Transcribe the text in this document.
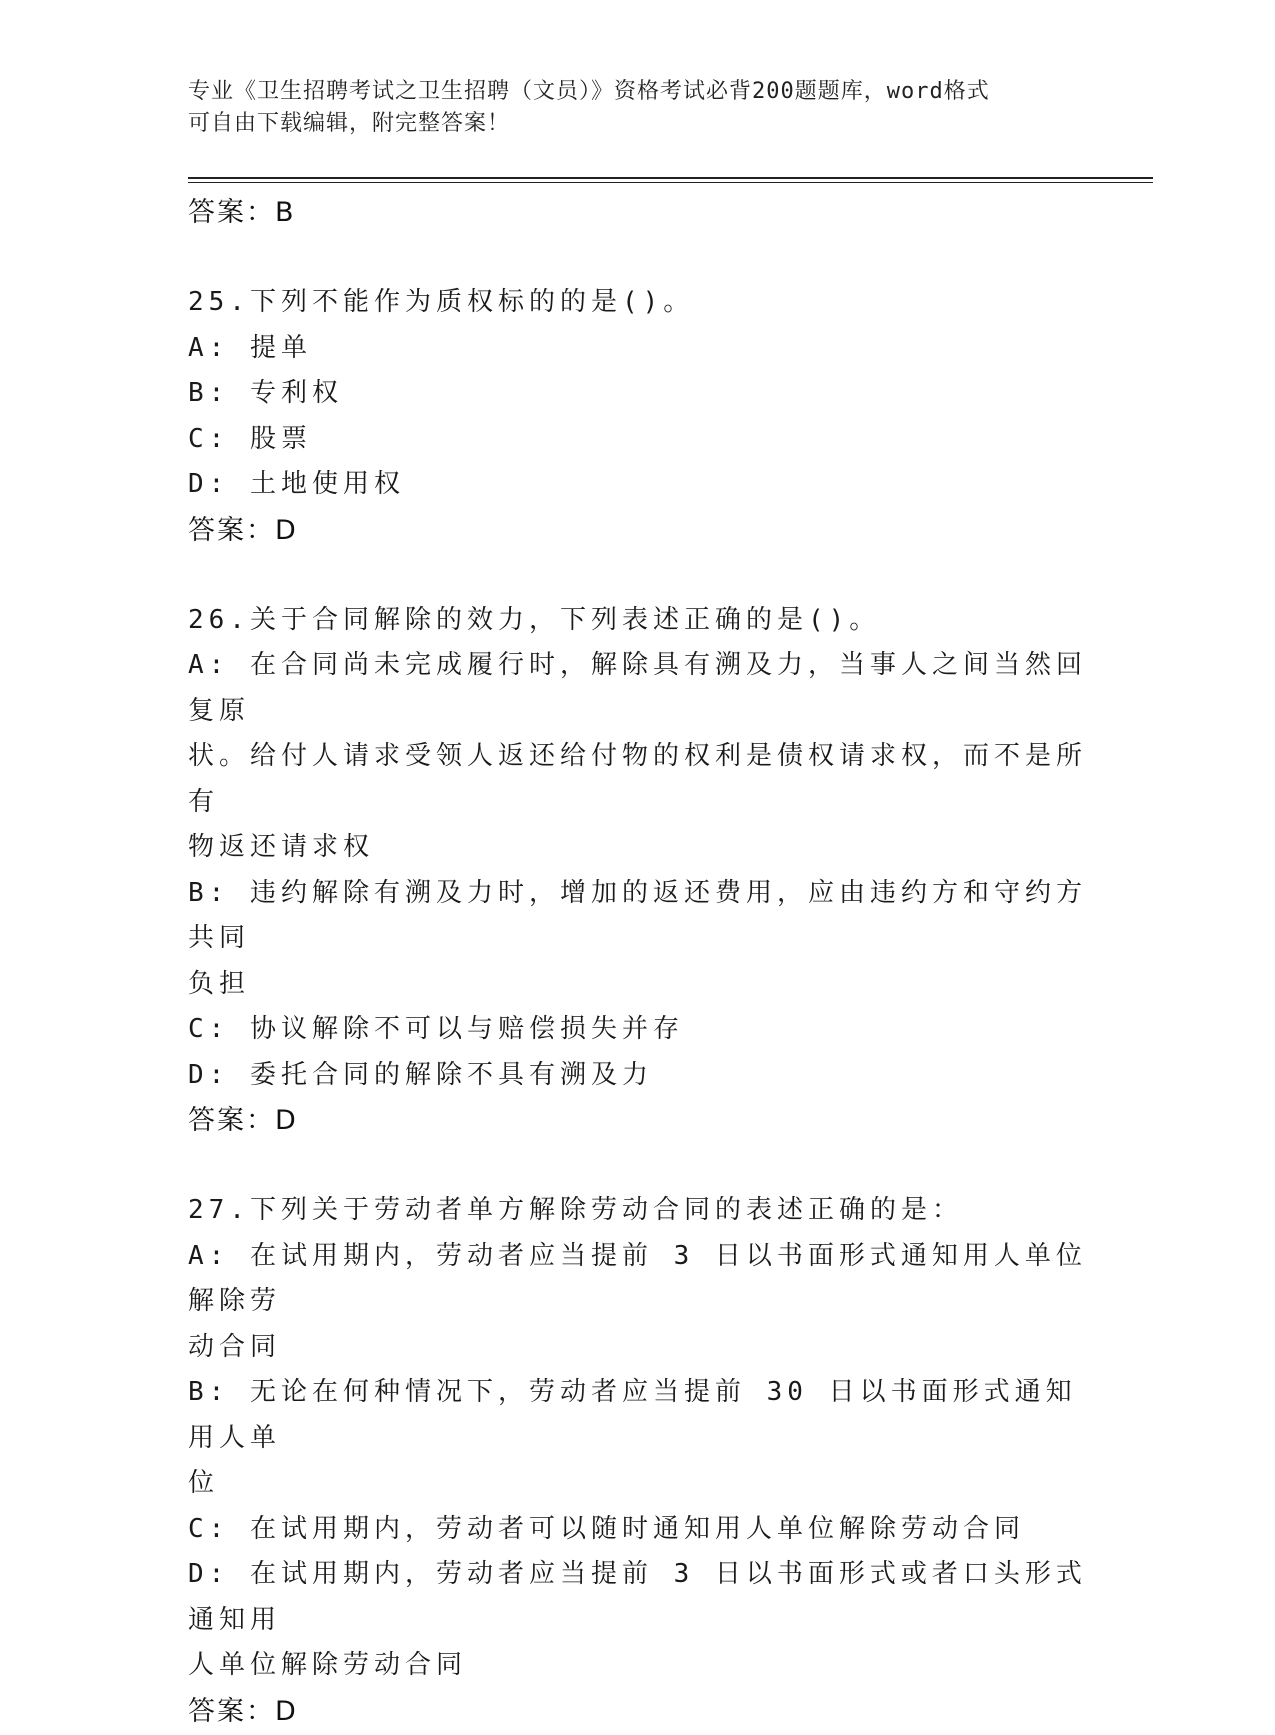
专业《卫生招聘考试之卫生招聘（文员）》资格考试必背200题题库，word格式
可自由下载编辑，附完整答案！
答案：B
25.下列不能作为质权标的的是()。
A: 提单
B: 专利权
C: 股票
D: 土地使用权
答案：D
26.关于合同解除的效力，下列表述正确的是()。
A: 在合同尚未完成履行时，解除具有溯及力，当事人之间当然回复原
状。给付人请求受领人返还给付物的权利是债权请求权，而不是所有
物返还请求权
B: 违约解除有溯及力时，增加的返还费用，应由违约方和守约方共同
负担
C: 协议解除不可以与赔偿损失并存
D: 委托合同的解除不具有溯及力
答案：D
27.下列关于劳动者单方解除劳动合同的表述正确的是：
A: 在试用期内，劳动者应当提前 3 日以书面形式通知用人单位解除劳
动合同
B: 无论在何种情况下，劳动者应当提前 30 日以书面形式通知用人单
位
C: 在试用期内，劳动者可以随时通知用人单位解除劳动合同
D: 在试用期内，劳动者应当提前 3 日以书面形式或者口头形式通知用
人单位解除劳动合同
答案：D
